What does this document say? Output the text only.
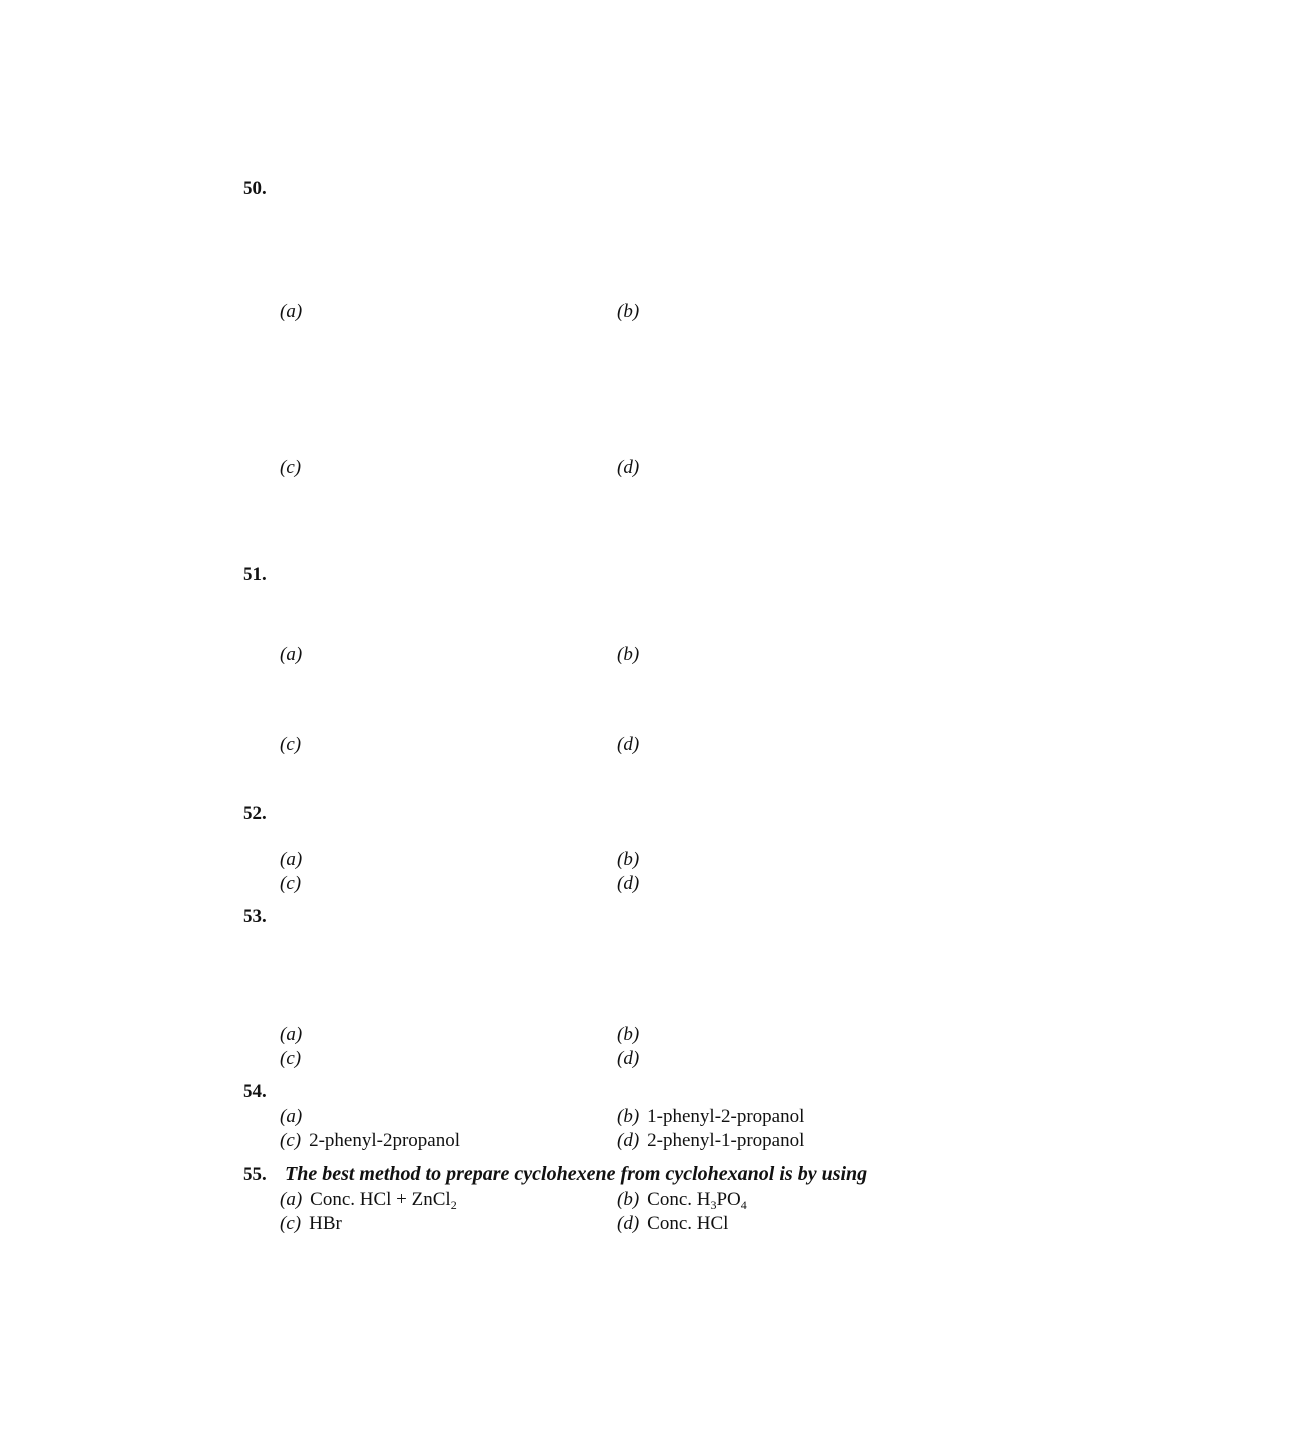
50.
(a)	(b)
(c)	(d)
51.
(a)	(b)
(c)	(d)
52.
(a)	(b)
(c)	(d)
53.
(a)	(b)
(c)	(d)
54.
(a)	(b) 1-phenyl-2-propanol
(c) 2-phenyl-2propanol	(d) 2-phenyl-1-propanol
55. The best method to prepare cyclohexene from cyclohexanol is by using
(a) Conc. HCl + ZnCl$_2$	(b) Conc. $H_3PO_4$
(c) HBr	(d) Conc. HCl
